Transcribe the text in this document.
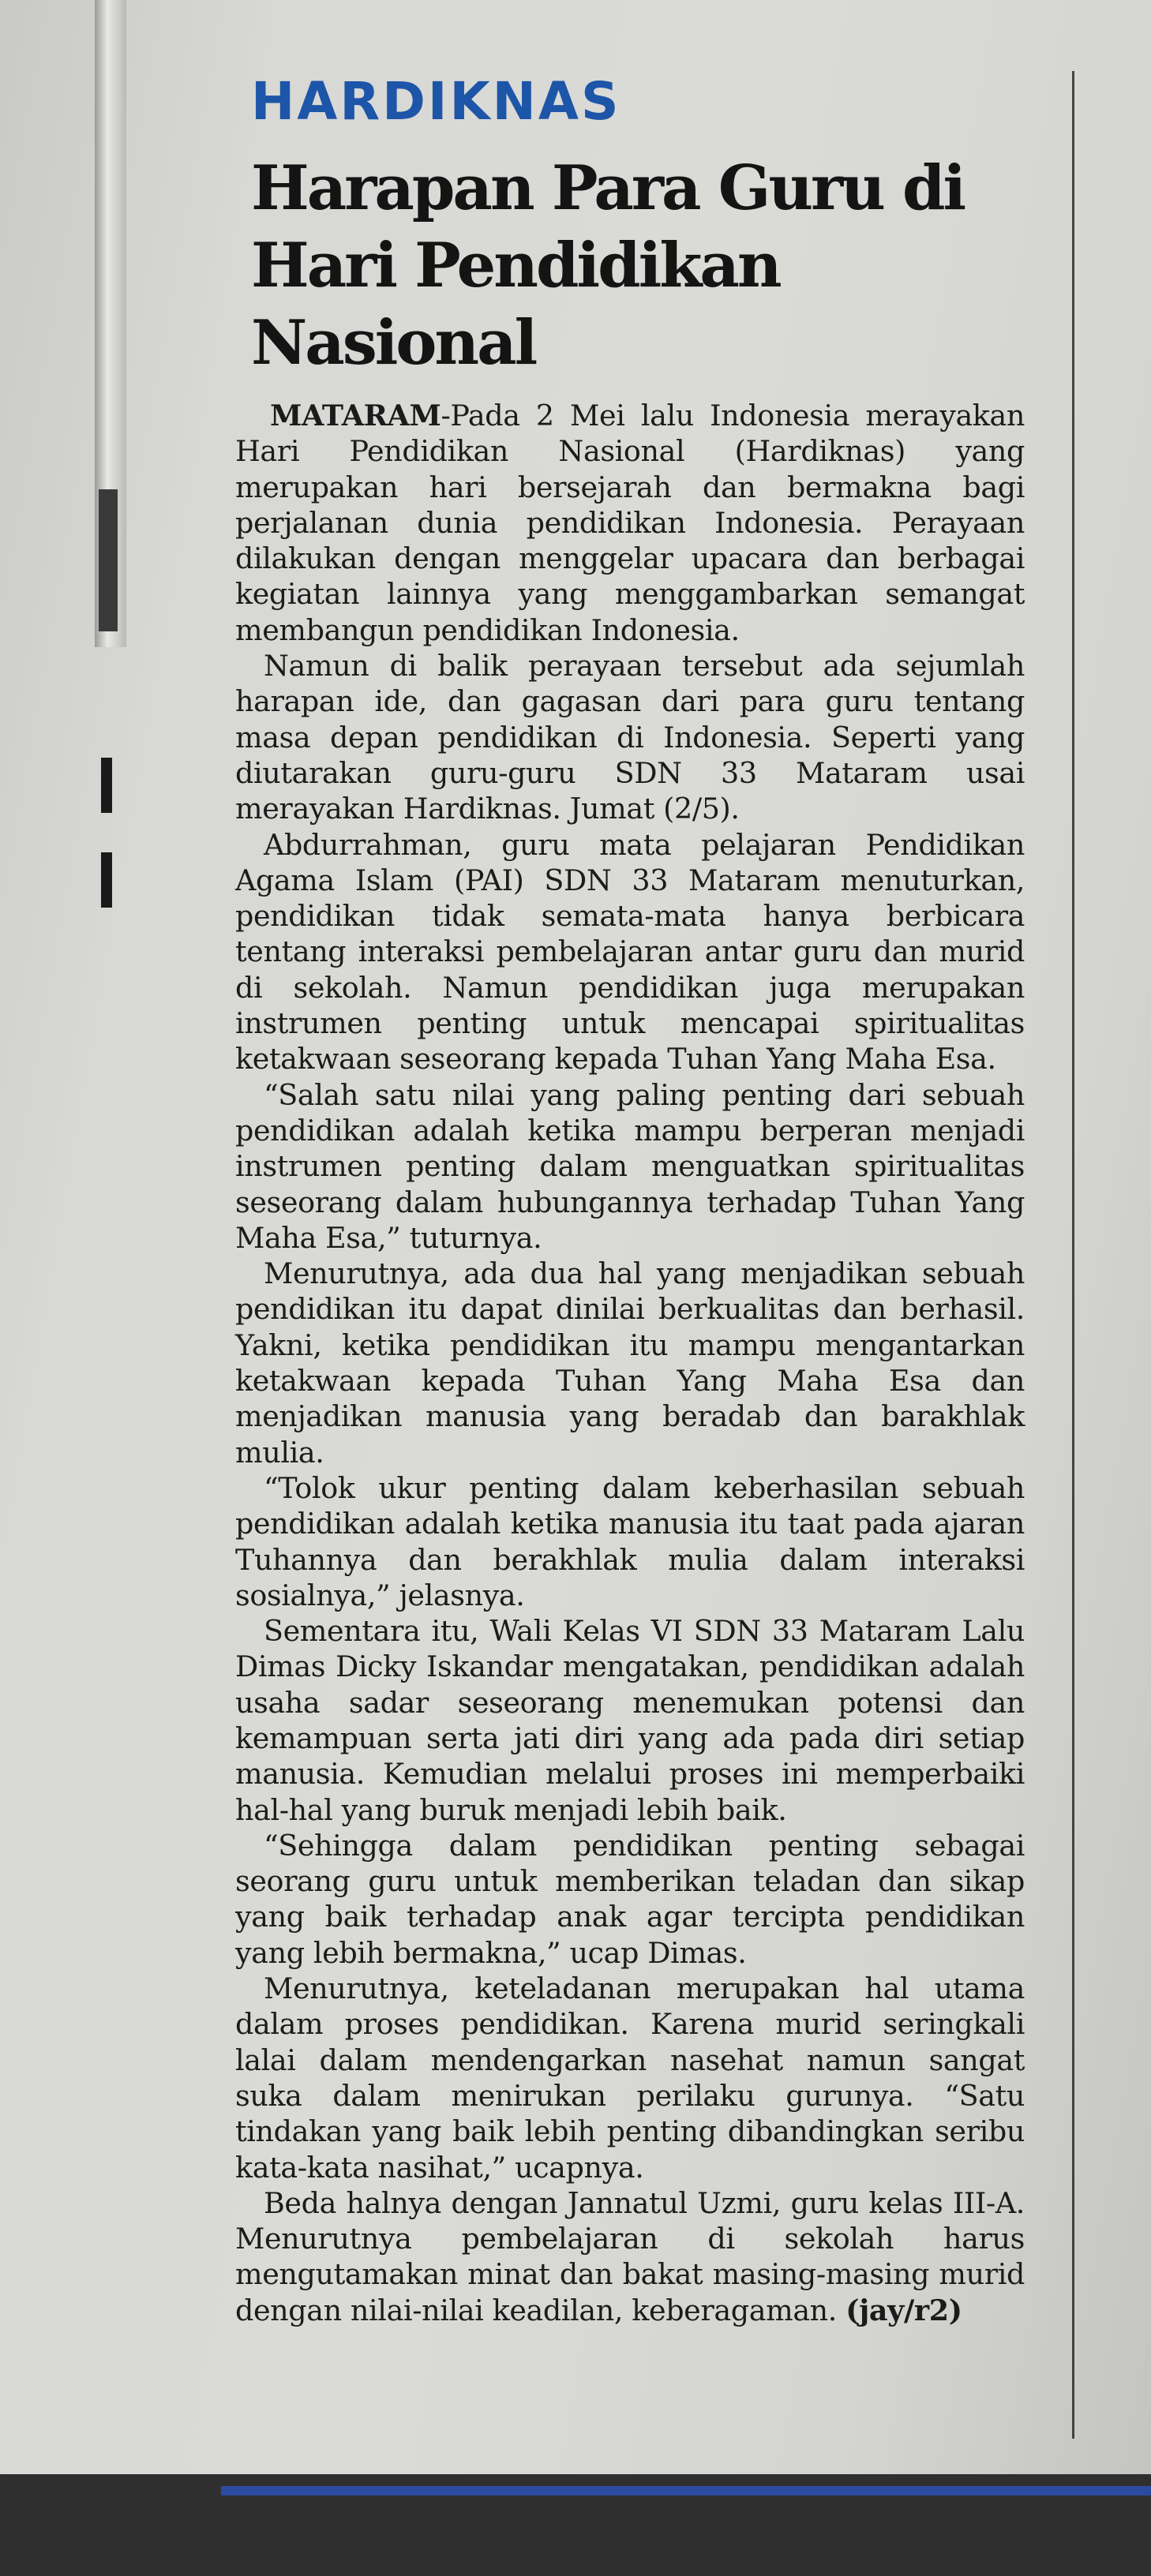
HARDIKNAS
Harapan Para Guru di Hari Pendidikan Nasional

MATARAM-Pada 2 Mei lalu Indonesia merayakan Hari Pendidikan Nasional (Hardiknas) yang merupakan hari bersejarah dan bermakna bagi perjalanan dunia pendidikan Indonesia. Perayaan dilakukan dengan menggelar upacara dan berbagai kegiatan lainnya yang menggambarkan semangat membangun pendidikan Indonesia.

Namun di balik perayaan tersebut ada sejumlah harapan ide, dan gagasan dari para guru tentang masa depan pendidikan di Indonesia. Seperti yang diutarakan guru-guru SDN 33 Mataram usai merayakan Hardiknas. Jumat (2/5).

Abdurrahman, guru mata pelajaran Pendidikan Agama Islam (PAI) SDN 33 Mataram menuturkan, pendidikan tidak semata-mata hanya berbicara tentang interaksi pembelajaran antar guru dan murid di sekolah. Namun pendidikan juga merupakan instrumen penting untuk mencapai spiritualitas ketakwaan seseorang kepada Tuhan Yang Maha Esa.

“Salah satu nilai yang paling penting dari sebuah pendidikan adalah ketika mampu berperan menjadi instrumen penting dalam menguatkan spiritualitas seseorang dalam hubungannya terhadap Tuhan Yang Maha Esa,” tuturnya.

Menurutnya, ada dua hal yang menjadikan sebuah pendidikan itu dapat dinilai berkualitas dan berhasil. Yakni, ketika pendidikan itu mampu mengantarkan ketakwaan kepada Tuhan Yang Maha Esa dan menjadikan manusia yang beradab dan barakhlak mulia.

“Tolok ukur penting dalam keberhasilan sebuah pendidikan adalah ketika manusia itu taat pada ajaran Tuhannya dan berakhlak mulia dalam interaksi sosialnya,” jelasnya.

Sementara itu, Wali Kelas VI SDN 33 Mataram Lalu Dimas Dicky Iskandar mengatakan, pendidikan adalah usaha sadar seseorang menemukan potensi dan kemampuan serta jati diri yang ada pada diri setiap manusia. Kemudian melalui proses ini memperbaiki hal-hal yang buruk menjadi lebih baik.

“Sehingga dalam pendidikan penting sebagai seorang guru untuk memberikan teladan dan sikap yang baik terhadap anak agar tercipta pendidikan yang lebih bermakna,” ucap Dimas.

Menurutnya, keteladanan merupakan hal utama dalam proses pendidikan. Karena murid seringkali lalai dalam mendengarkan nasehat namun sangat suka dalam menirukan perilaku gurunya. “Satu tindakan yang baik lebih penting dibandingkan seribu kata-kata nasihat,” ucapnya.

Beda halnya dengan Jannatul Uzmi, guru kelas III-A. Menurutnya pembelajaran di sekolah harus mengutamakan minat dan bakat masing-masing murid dengan nilai-nilai keadilan, keberagaman. (jay/r2)
